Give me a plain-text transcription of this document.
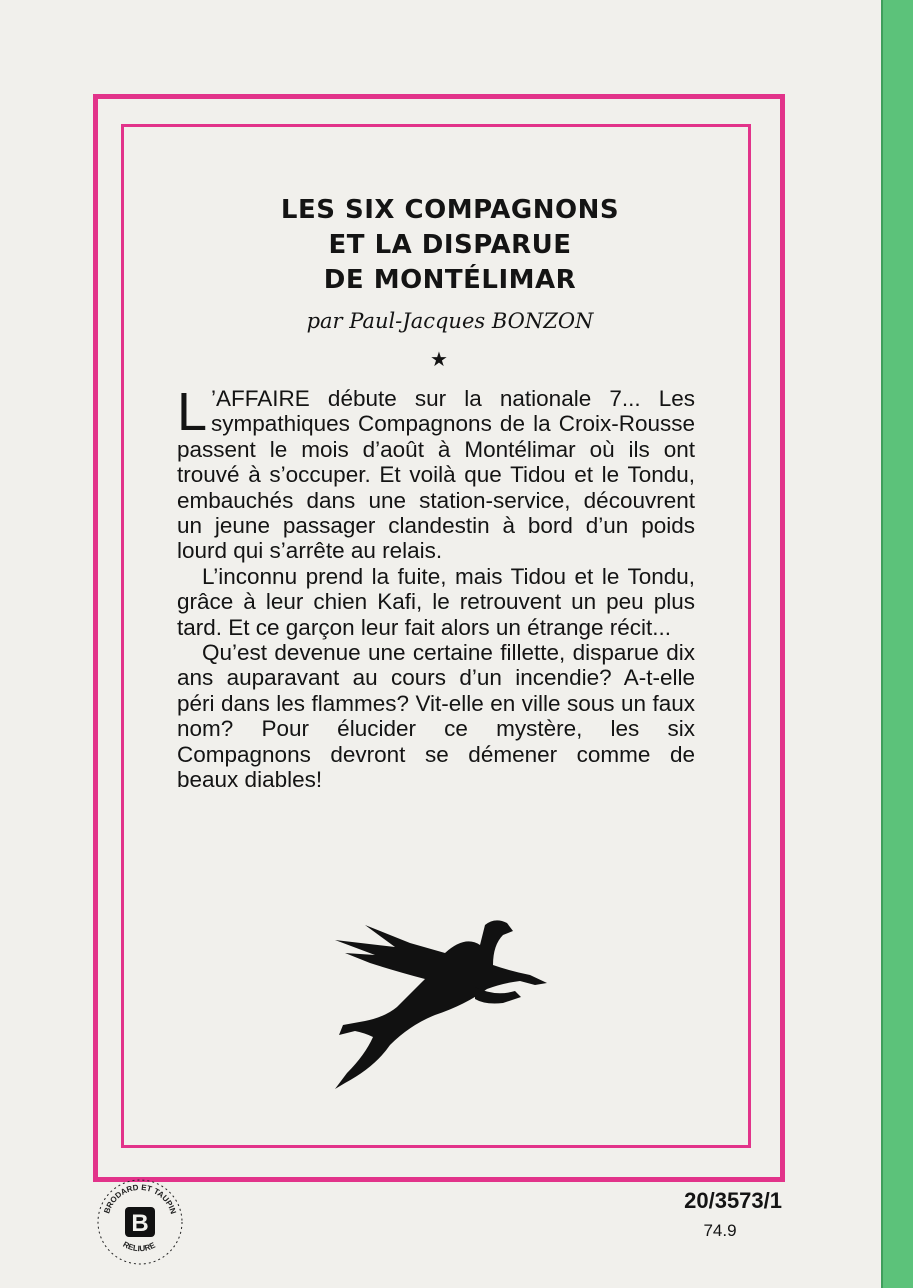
LES SIX COMPAGNONS
ET LA DISPARUE
DE MONTÉLIMAR
par Paul-Jacques BONZON
★

L ’AFFAIRE débute sur la nationale 7... Les sympathiques Compagnons de la Croix-Rousse passent le mois d’août à Montélimar où ils ont trouvé à s’occuper. Et voilà que Tidou et le Tondu, embauchés dans une station-service, découvrent un jeune passager clandestin à bord d’un poids lourd qui s’arrête au relais.

L’inconnu prend la fuite, mais Tidou et le Tondu, grâce à leur chien Kafi, le retrouvent un peu plus tard. Et ce garçon leur fait alors un étrange récit...

Qu’est devenue une certaine fillette, disparue dix ans auparavant au cours d’un incendie? A-t-elle péri dans les flammes? Vit-elle en ville sous un faux nom? Pour élucider ce mystère, les six Compagnons devront se démener comme de beaux diables!

BRODARD ET TAUPIN
RELIURE
B
20/3573/1
74.9
